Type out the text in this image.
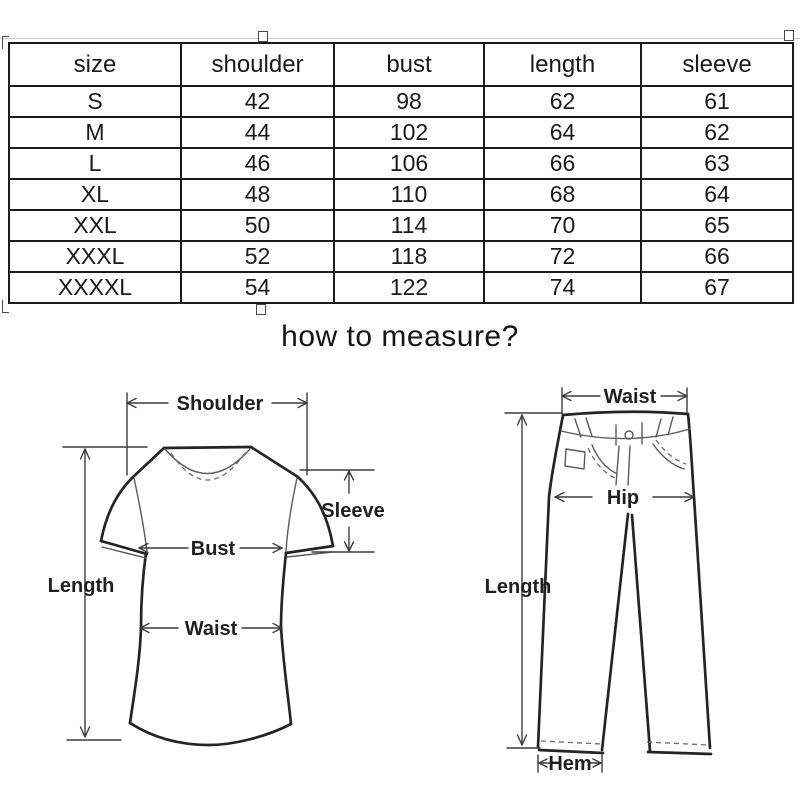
size	shoulder	bust	length	sleeve
S	42	98	62	61
M	44	102	64	62
L	46	106	66	63
XL	48	110	68	64
XXL	50	114	70	65
XXXL	52	118	72	66
XXXXL	54	122	74	67
how to measure?
Shoulder
Length
Sleeve
Bust
Waist
Waist
Hip
Length
Hem
